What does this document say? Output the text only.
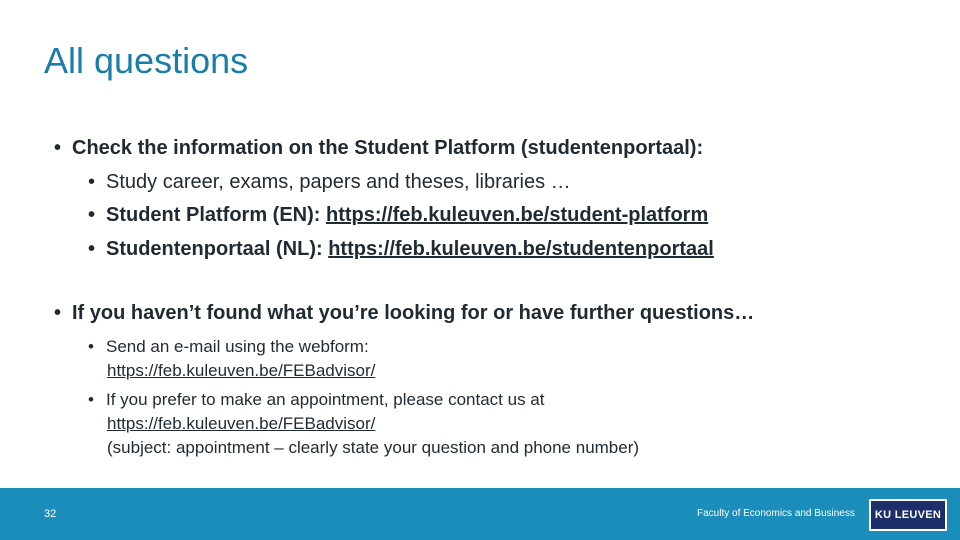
All questions
• Check the information on the Student Platform (studentenportaal):
• Study career, exams, papers and theses, libraries …
• Student Platform (EN): https://feb.kuleuven.be/student-platform
• Studentenportaal (NL): https://feb.kuleuven.be/studentenportaal
• If you haven’t found what you’re looking for or have further questions…
• Send an e-mail using the webform:
https://feb.kuleuven.be/FEBadvisor/
• If you prefer to make an appointment, please contact us at
https://feb.kuleuven.be/FEBadvisor/
(subject: appointment – clearly state your question and phone number)
32	Faculty of Economics and Business	KU LEUVEN
